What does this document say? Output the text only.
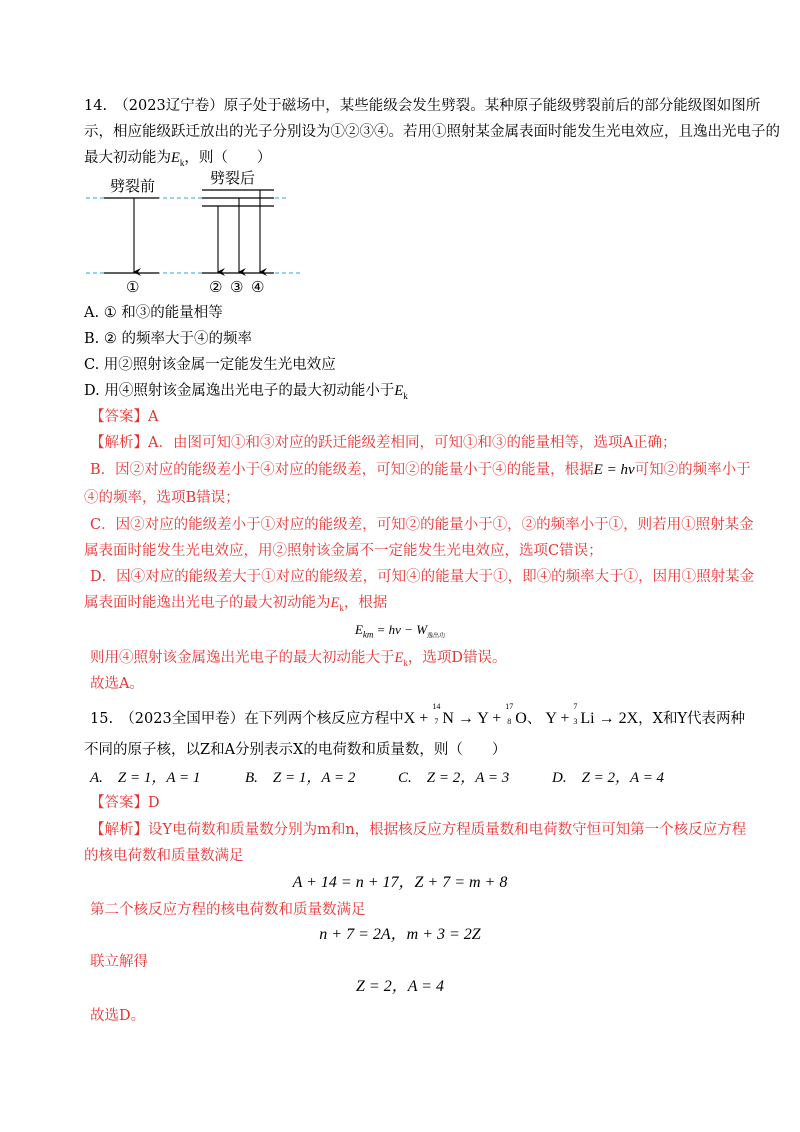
14.　（2023辽宁卷）原子处于磁场中，某些能级会发生劈裂。某种原子能级劈裂前后的部分能级图如图所
示，相应能级跃迁放出的光子分别设为①②③④。若用①照射某金属表面时能发生光电效应，且逸出光电子的
最大初动能为$E_k$，则（　　）
劈裂前	劈裂后
①	② ③ ④
A. ① 和③的能量相等
B. ② 的频率大于④的频率
C. 用②照射该金属一定能发生光电效应
D. 用④照射该金属逸出光电子的最大初动能小于$E_k$
【答案】A
【解析】A．由图可知①和③对应的跃迁能级差相同，可知①和③的能量相等，选项A正确；
B．因②对应的能级差小于④对应的能级差，可知②的能量小于④的能量，根据E = hν可知②的频率小于
④的频率，选项B错误；
C．因②对应的能级差小于①对应的能级差，可知②的能量小于①，②的频率小于①，则若用①照射某金
属表面时能发生光电效应，用②照射该金属不一定能发生光电效应，选项C错误；
D．因④对应的能级差大于①对应的能级差，可知④的能量大于①，即④的频率大于①，因用①照射某金
属表面时能逸出光电子的最大初动能为$E_k$，根据
$E_{km} = h\nu - W_{逸出功}$
则用④照射该金属逸出光电子的最大初动能大于$E_k$，选项D错误。
故选A。
15.　（2023全国甲卷）在下列两个核反应方程中X +
14
7 N → Y +
17
8 O、 Y +
7
3 Li → 2X，X和Y代表两种
不同的原子核，以Z和A分别表示X的电荷数和质量数，则（　　）
A.　Z = 1，A = 1	B.　Z = 1，A = 2	C.　Z = 2，A = 3	D.　Z = 2，A = 4
【答案】D
【解析】设Y电荷数和质量数分别为m和n，根据核反应方程质量数和电荷数守恒可知第一个核反应方程
的核电荷数和质量数满足
A + 14 = n + 17，Z + 7 = m + 8
第二个核反应方程的核电荷数和质量数满足
n + 7 = 2A，m + 3 = 2Z
联立解得
Z = 2，A = 4
故选D。
